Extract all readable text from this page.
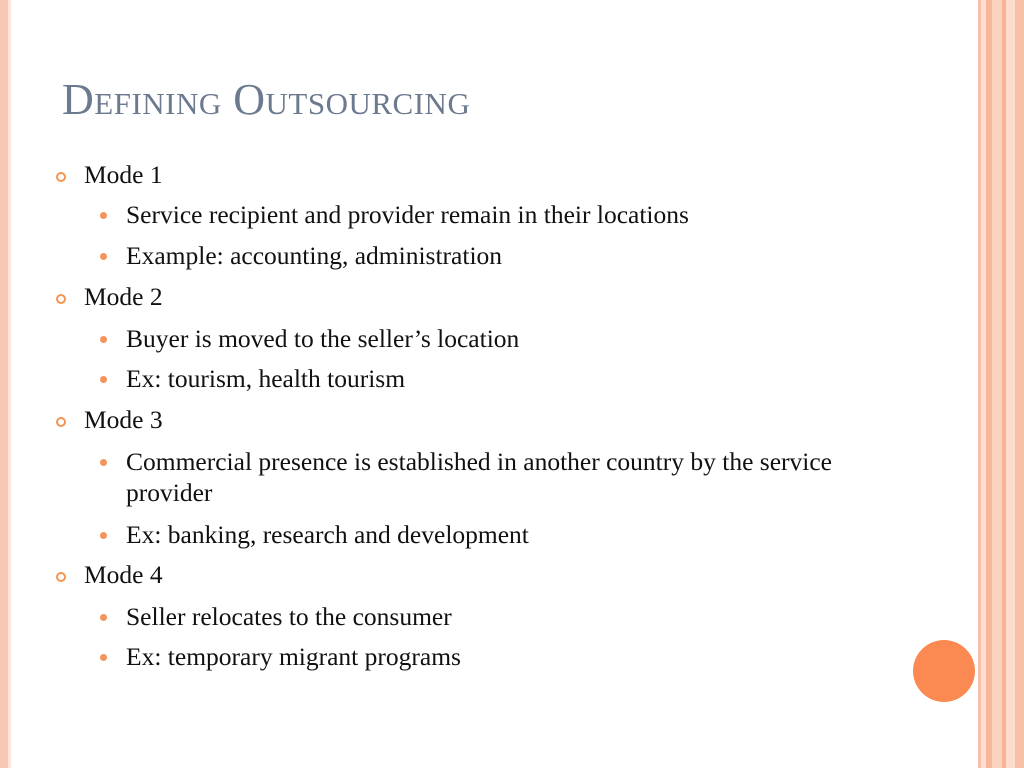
Defining Outsourcing
Mode 1
Service recipient and provider remain in their locations
Example: accounting, administration
Mode 2
Buyer is moved to the seller’s location
Ex: tourism, health tourism
Mode 3
Commercial presence is established in another country by the service provider
Ex: banking, research and development
Mode 4
Seller relocates to the consumer
Ex: temporary migrant programs
